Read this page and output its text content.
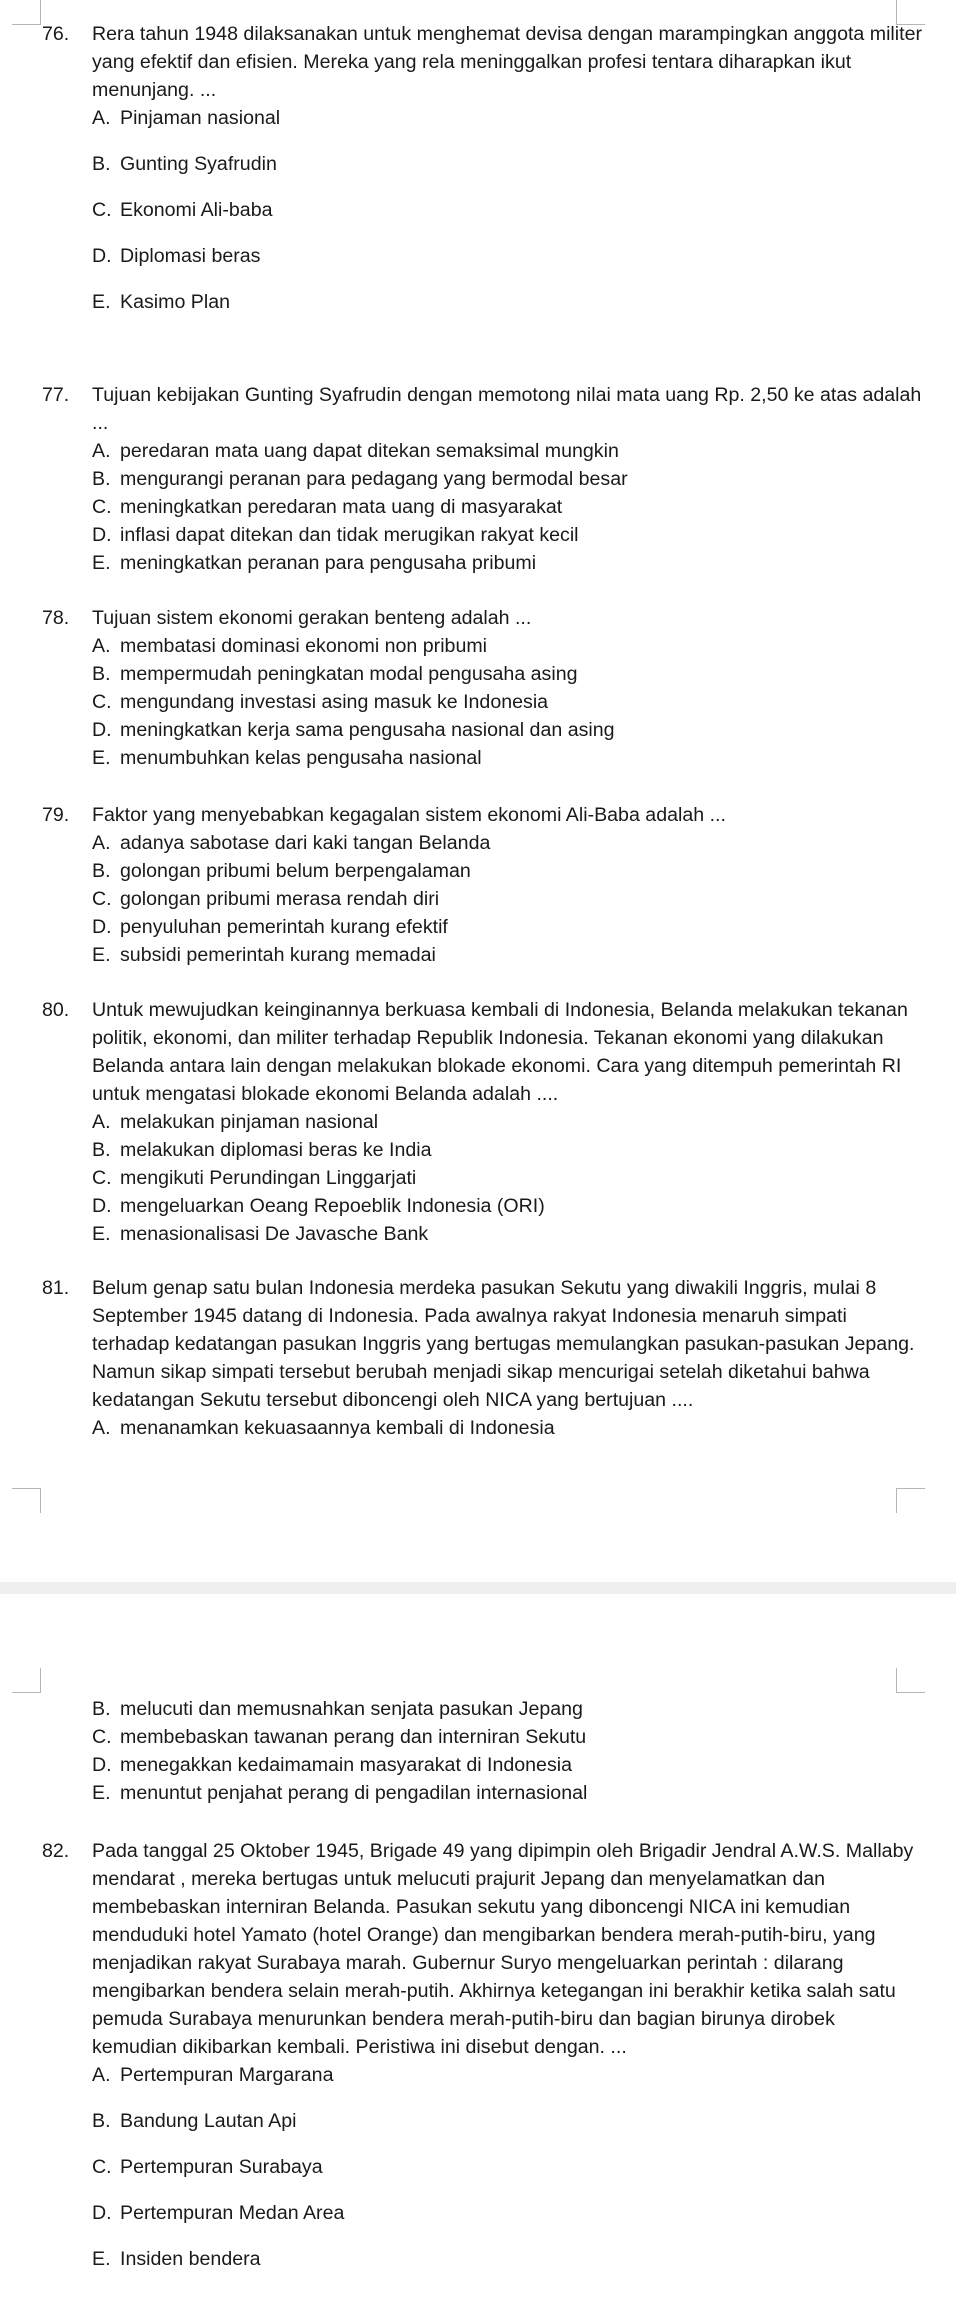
76.	Rera tahun 1948 dilaksanakan untuk menghemat devisa dengan marampingkan anggota militer yang efektif dan efisien. Mereka yang rela meninggalkan profesi tentara diharapkan ikut menunjang. ...
A. Pinjaman nasional
B. Gunting Syafrudin
C. Ekonomi Ali-baba
D. Diplomasi beras
E. Kasimo Plan
77.	Tujuan kebijakan Gunting Syafrudin dengan memotong nilai mata uang Rp. 2,50 ke atas adalah ...
A. peredaran mata uang dapat ditekan semaksimal mungkin
B. mengurangi peranan para pedagang yang bermodal besar
C. meningkatkan peredaran mata uang di masyarakat
D. inflasi dapat ditekan dan tidak merugikan rakyat kecil
E. meningkatkan peranan para pengusaha pribumi
78.	Tujuan sistem ekonomi gerakan benteng adalah ...
A. membatasi dominasi ekonomi non pribumi
B. mempermudah peningkatan modal pengusaha asing
C. mengundang investasi asing masuk ke Indonesia
D. meningkatkan kerja sama pengusaha nasional dan asing
E. menumbuhkan kelas pengusaha nasional
79.	Faktor yang menyebabkan kegagalan sistem ekonomi Ali-Baba adalah ...
A. adanya sabotase dari kaki tangan Belanda
B. golongan pribumi belum berpengalaman
C. golongan pribumi merasa rendah diri
D. penyuluhan pemerintah kurang efektif
E. subsidi pemerintah kurang memadai
80.	Untuk mewujudkan keinginannya berkuasa kembali di Indonesia, Belanda melakukan tekanan politik, ekonomi, dan militer terhadap Republik Indonesia. Tekanan ekonomi yang dilakukan Belanda antara lain dengan melakukan blokade ekonomi. Cara yang ditempuh pemerintah RI untuk mengatasi blokade ekonomi Belanda adalah ....
A. melakukan pinjaman nasional
B. melakukan diplomasi beras ke India
C. mengikuti Perundingan Linggarjati
D. mengeluarkan Oeang Repoeblik Indonesia (ORI)
E. menasionalisasi De Javasche Bank
81.	Belum genap satu bulan Indonesia merdeka pasukan Sekutu yang diwakili Inggris, mulai 8 September 1945 datang di Indonesia. Pada awalnya rakyat Indonesia menaruh simpati terhadap kedatangan pasukan Inggris yang bertugas memulangkan pasukan-pasukan Jepang. Namun sikap simpati tersebut berubah menjadi sikap mencurigai setelah diketahui bahwa kedatangan Sekutu tersebut diboncengi oleh NICA yang bertujuan ....
A. menanamkan kekuasaannya kembali di Indonesia
B. melucuti dan memusnahkan senjata pasukan Jepang
C. membebaskan tawanan perang dan interniran Sekutu
D. menegakkan kedaimamain masyarakat di Indonesia
E. menuntut penjahat perang di pengadilan internasional
82.	Pada tanggal 25 Oktober 1945, Brigade 49 yang dipimpin oleh Brigadir Jendral A.W.S. Mallaby mendarat , mereka bertugas untuk melucuti prajurit Jepang dan menyelamatkan dan membebaskan interniran Belanda. Pasukan sekutu yang diboncengi NICA ini kemudian menduduki hotel Yamato (hotel Orange) dan mengibarkan bendera merah-putih-biru, yang menjadikan rakyat Surabaya marah. Gubernur Suryo mengeluarkan perintah : dilarang mengibarkan bendera selain merah-putih. Akhirnya ketegangan ini berakhir ketika salah satu pemuda Surabaya menurunkan bendera merah-putih-biru dan bagian birunya dirobek kemudian dikibarkan kembali. Peristiwa ini disebut dengan. ...
A. Pertempuran Margarana
B. Bandung Lautan Api
C. Pertempuran Surabaya
D. Pertempuran Medan Area
E. Insiden bendera
